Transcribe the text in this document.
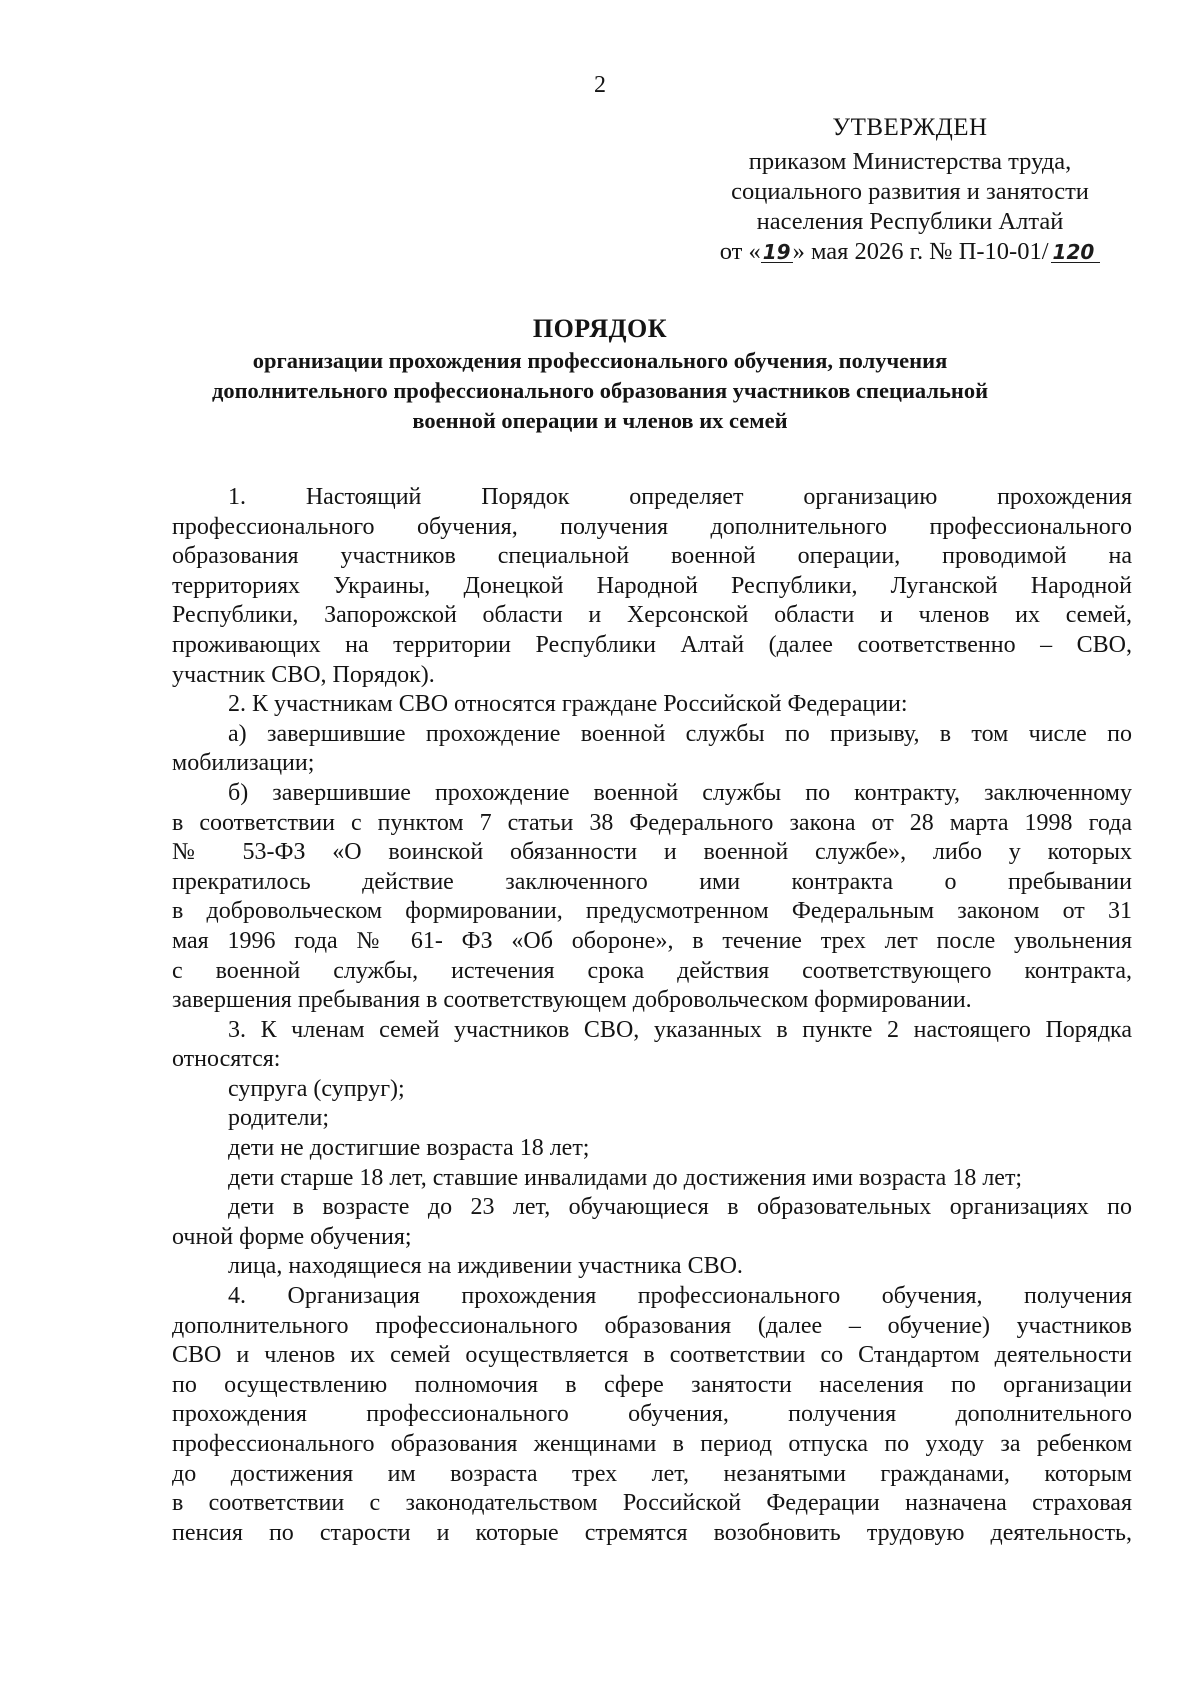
2
УТВЕРЖДЕН
приказом Министерства труда,
социального развития и занятости
населения Республики Алтай
от « 19» мая 2026 г. № П-10-01/ 120
ПОРЯДОК
организации прохождения профессионального обучения, получения
дополнительного профессионального образования участников специальной
военной операции и членов их семей
1. Настоящий Порядок определяет организацию прохождения
профессионального обучения, получения дополнительного профессионального
образования участников специальной военной операции, проводимой на
территориях Украины, Донецкой Народной Республики, Луганской Народной
Республики, Запорожской области и Херсонской области и членов их семей,
проживающих на территории Республики Алтай (далее соответственно – СВО,
участник СВО, Порядок).
2. К участникам СВО относятся граждане Российской Федерации:
а) завершившие прохождение военной службы по призыву, в том числе по
мобилизации;
б) завершившие прохождение военной службы по контракту, заключенному
в соответствии с пунктом 7 статьи 38 Федерального закона от 28 марта 1998 года
№ 53-ФЗ «О воинской обязанности и военной службе», либо у которых
прекратилось действие заключенного ими контракта о пребывании
в добровольческом формировании, предусмотренном Федеральным законом от 31
мая 1996 года № 61- ФЗ «Об обороне», в течение трех лет после увольнения
с военной службы, истечения срока действия соответствующего контракта,
завершения пребывания в соответствующем добровольческом формировании.
3. К членам семей участников СВО, указанных в пункте 2 настоящего Порядка
относятся:
супруга (супруг);
родители;
дети не достигшие возраста 18 лет;
дети старше 18 лет, ставшие инвалидами до достижения ими возраста 18 лет;
дети в возрасте до 23 лет, обучающиеся в образовательных организациях по
очной форме обучения;
лица, находящиеся на иждивении участника СВО.
4. Организация прохождения профессионального обучения, получения
дополнительного профессионального образования (далее – обучение) участников
СВО и членов их семей осуществляется в соответствии со Стандартом деятельности
по осуществлению полномочия в сфере занятости населения по организации
прохождения профессионального обучения, получения дополнительного
профессионального образования женщинами в период отпуска по уходу за ребенком
до достижения им возраста трех лет, незанятыми гражданами, которым
в соответствии с законодательством Российской Федерации назначена страховая
пенсия по старости и которые стремятся возобновить трудовую деятельность,
